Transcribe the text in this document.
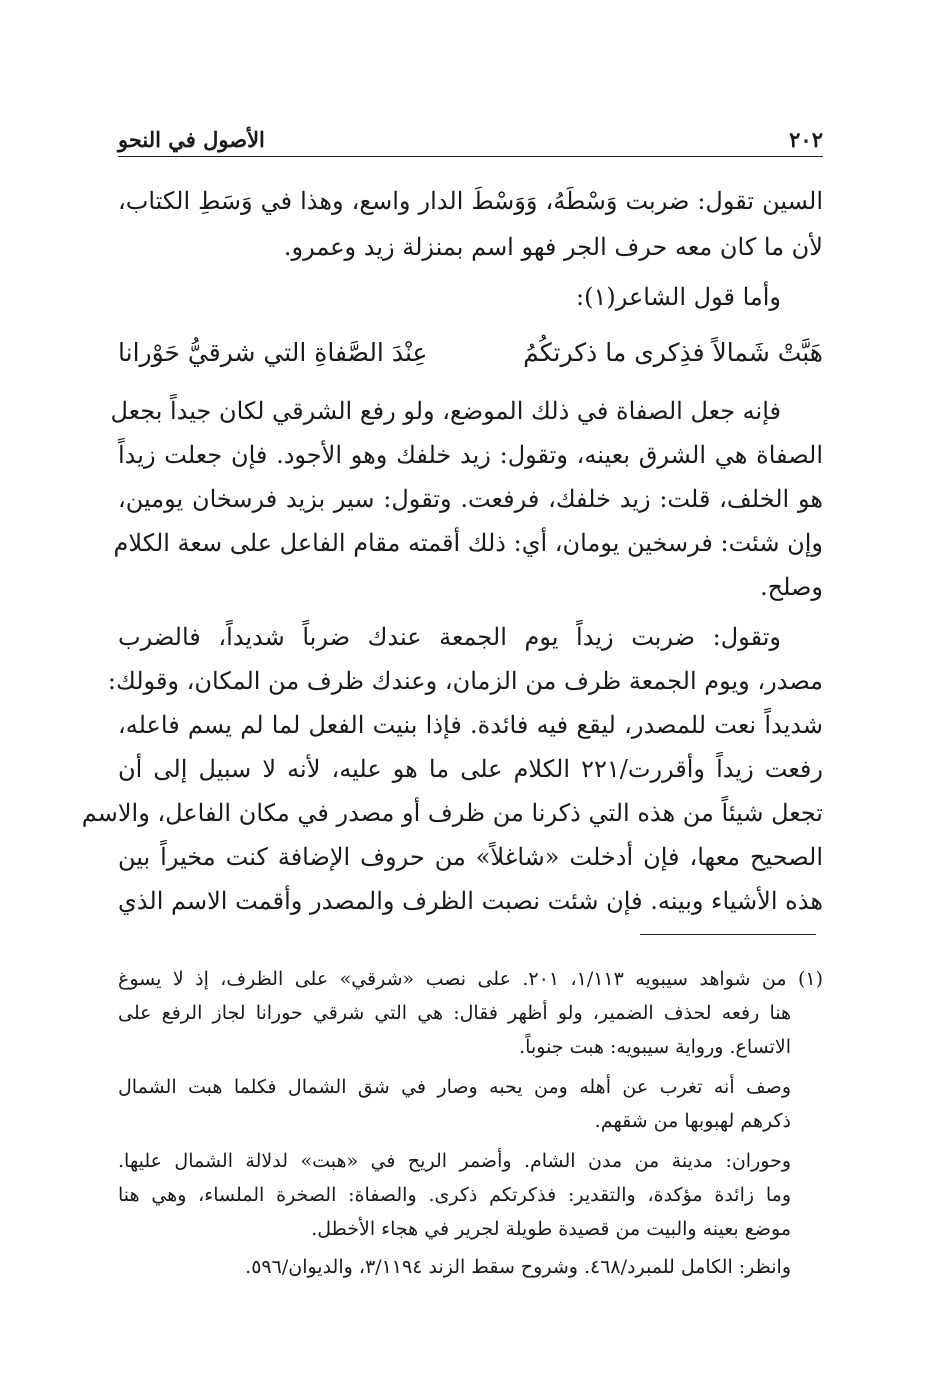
الأصول في النحو	٢٠٢
السين تقول: ضربت وَسْطَهُ، وَوَسْطَ الدار واسع، وهذا في وَسَطِ الكتاب،
لأن ما كان معه حرف الجر فهو اسم بمنزلة زيد وعمرو.
وأما قول الشاعر(١):
هَبَّتْ شَمالاً فذِكرى ما ذكرتكُمُ
عِنْدَ الصَّفاةِ التي شرقيُّ حَوْرانا
فإنه جعل الصفاة في ذلك الموضع، ولو رفع الشرقي لكان جيداً بجعل
الصفاة هي الشرق بعينه، وتقول: زيد خلفك وهو الأجود. فإن جعلت زيداً
هو الخلف، قلت: زيد خلفك، فرفعت. وتقول: سير بزيد فرسخان يومين،
وإن شئت: فرسخين يومان، أي: ذلك أقمته مقام الفاعل على سعة الكلام
وصلح.
وتقول: ضربت زيداً يوم الجمعة عندك ضرباً شديداً، فالضرب
مصدر، ويوم الجمعة ظرف من الزمان، وعندك ظرف من المكان، وقولك:
شديداً نعت للمصدر، ليقع فيه فائدة. فإذا بنيت الفعل لما لم يسم فاعله،
رفعت زيداً وأقررت/٢٢١ الكلام على ما هو عليه، لأنه لا سبيل إلى أن
تجعل شيئاً من هذه التي ذكرنا من ظرف أو مصدر في مكان الفاعل، والاسم
الصحيح معها، فإن أدخلت «شاغلاً» من حروف الإضافة كنت مخيراً بين
هذه الأشياء وبينه. فإن شئت نصبت الظرف والمصدر وأقمت الاسم الذي
(١) من شواهد سيبويه ١/١١٣، ٢٠١. على نصب «شرقي» على الظرف، إذ لا يسوغ
هنا رفعه لحذف الضمير، ولو أظهر فقال: هي التي شرقي حورانا لجاز الرفع على
الاتساع. ورواية سيبويه: هبت جنوباً.
وصف أنه تغرب عن أهله ومن يحبه وصار في شق الشمال فكلما هبت الشمال
ذكرهم لهبوبها من شقهم.
وحوران: مدينة من مدن الشام. وأضمر الريح في «هبت» لدلالة الشمال عليها.
وما زائدة مؤكدة، والتقدير: فذكرتكم ذكرى. والصفاة: الصخرة الملساء، وهي هنا
موضع بعينه والبيت من قصيدة طويلة لجرير في هجاء الأخطل.
وانظر: الكامل للمبرد/٤٦٨. وشروح سقط الزند ٣/١١٩٤، والديوان/٥٩٦.
